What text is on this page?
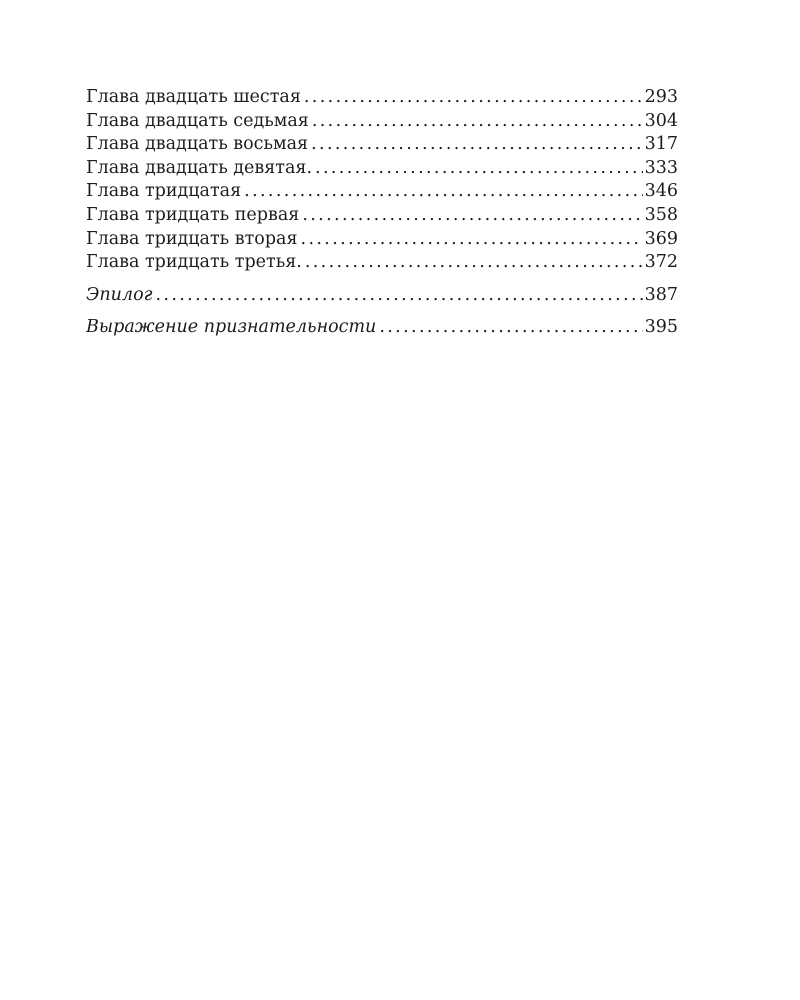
Глава двадцать шестая . . .	293
Глава двадцать седьмая . . .	304
Глава двадцать восьмая . . .	317
Глава двадцать девятая. . . .	333
Глава тридцатая . . .	346
Глава тридцать первая . . .	358
Глава тридцать вторая . . .	369
Глава тридцать третья. . . .	372
Эпилог . . .	387
Выражение признательности . . .	395
